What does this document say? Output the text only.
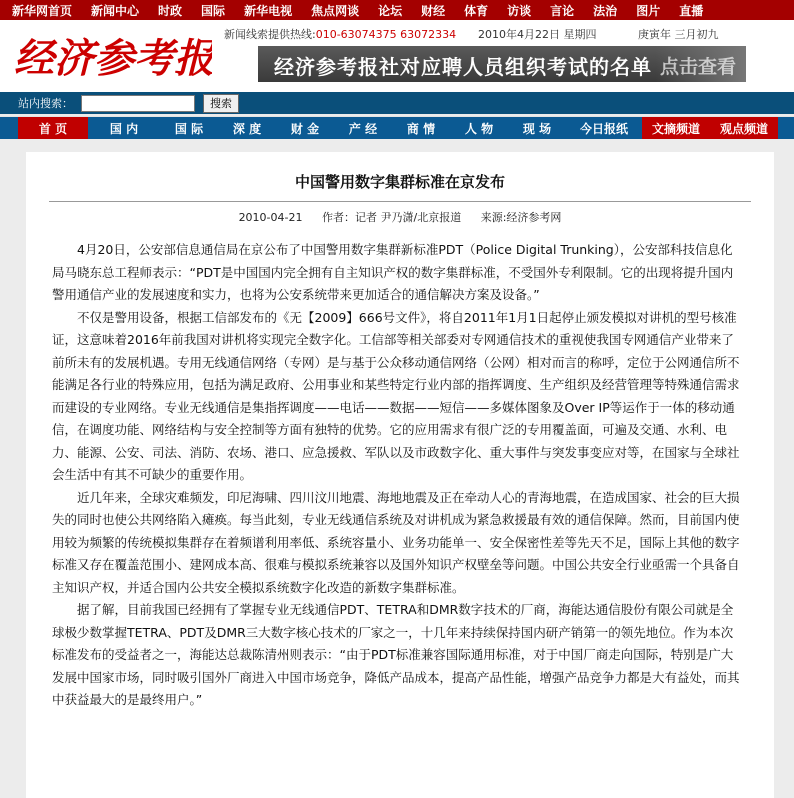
新华网首页 新闻中心 时政 国际 新华电视 焦点网谈 论坛 财经 体育 访谈 言论 法治 图片 直播
经济参考报
新闻线索提供热线:010-63074375 63072334 2010年4月22日 星期四	庚寅年 三月初九
经济参考报社对应聘人员组织考试的名单 点击查看
站内搜索：	搜索
首 页	国 内	国 际	深 度	财 金	产 经	商 情	人 物	现 场	今日报纸	文摘频道	观点频道
中国警用数字集群标准在京发布
2010-04-21 作者：记者 尹乃潇/北京报道 来源:经济参考网

4月20日，公安部信息通信局在京公布了中国警用数字集群新标准PDT（Police Digital Trunking），公安部科技信息化局马晓东总工程师表示：“PDT是中国国内完全拥有自主知识产权的数字集群标准，不受国外专利限制。它的出现将提升国内警用通信产业的发展速度和实力，也将为公安系统带来更加适合的通信解决方案及设备。”

不仅是警用设备，根据工信部发布的《无【2009】666号文件》，将自2011年1月1日起停止颁发模拟对讲机的型号核准证，这意味着2016年前我国对讲机将实现完全数字化。工信部等相关部委对专网通信技术的重视使我国专网通信产业带来了前所未有的发展机遇。专用无线通信网络（专网）是与基于公众移动通信网络（公网）相对而言的称呼，定位于公网通信所不能满足各行业的特殊应用，包括为满足政府、公用事业和某些特定行业内部的指挥调度、生产组织及经营管理等特殊通信需求而建设的专业网络。专业无线通信是集指挥调度——电话——数据——短信——多媒体图象及Over IP等运作于一体的移动通信，在调度功能、网络结构与安全控制等方面有独特的优势。它的应用需求有很广泛的专用覆盖面，可遍及交通、水利、电力、能源、公安、司法、消防、农场、港口、应急援救、军队以及市政数字化、重大事件与突发事变应对等，在国家与全球社会生活中有其不可缺少的重要作用。

近几年来，全球灾难频发，印尼海啸、四川汶川地震、海地地震及正在牵动人心的青海地震，在造成国家、社会的巨大损失的同时也使公共网络陷入瘫痪。每当此刻，专业无线通信系统及对讲机成为紧急救援最有效的通信保障。然而，目前国内使用较为频繁的传统模拟集群存在着频谱利用率低、系统容量小、业务功能单一、安全保密性差等先天不足，国际上其他的数字标准又存在覆盖范围小、建网成本高、很难与模拟系统兼容以及国外知识产权壁垒等问题。中国公共安全行业亟需一个具备自主知识产权，并适合国内公共安全模拟系统数字化改造的新数字集群标准。

据了解，目前我国已经拥有了掌握专业无线通信PDT、TETRA和DMR数字技术的厂商，海能达通信股份有限公司就是全球极少数掌握TETRA、PDT及DMR三大数字核心技术的厂家之一，十几年来持续保持国内研产销第一的领先地位。作为本次标准发布的受益者之一，海能达总裁陈清州则表示：“由于PDT标准兼容国际通用标准，对于中国厂商走向国际，特别是广大发展中国家市场，同时吸引国外厂商进入中国市场竞争，降低产品成本，提高产品性能，增强产品竞争力都是大有益处，而其中获益最大的是最终用户。”
